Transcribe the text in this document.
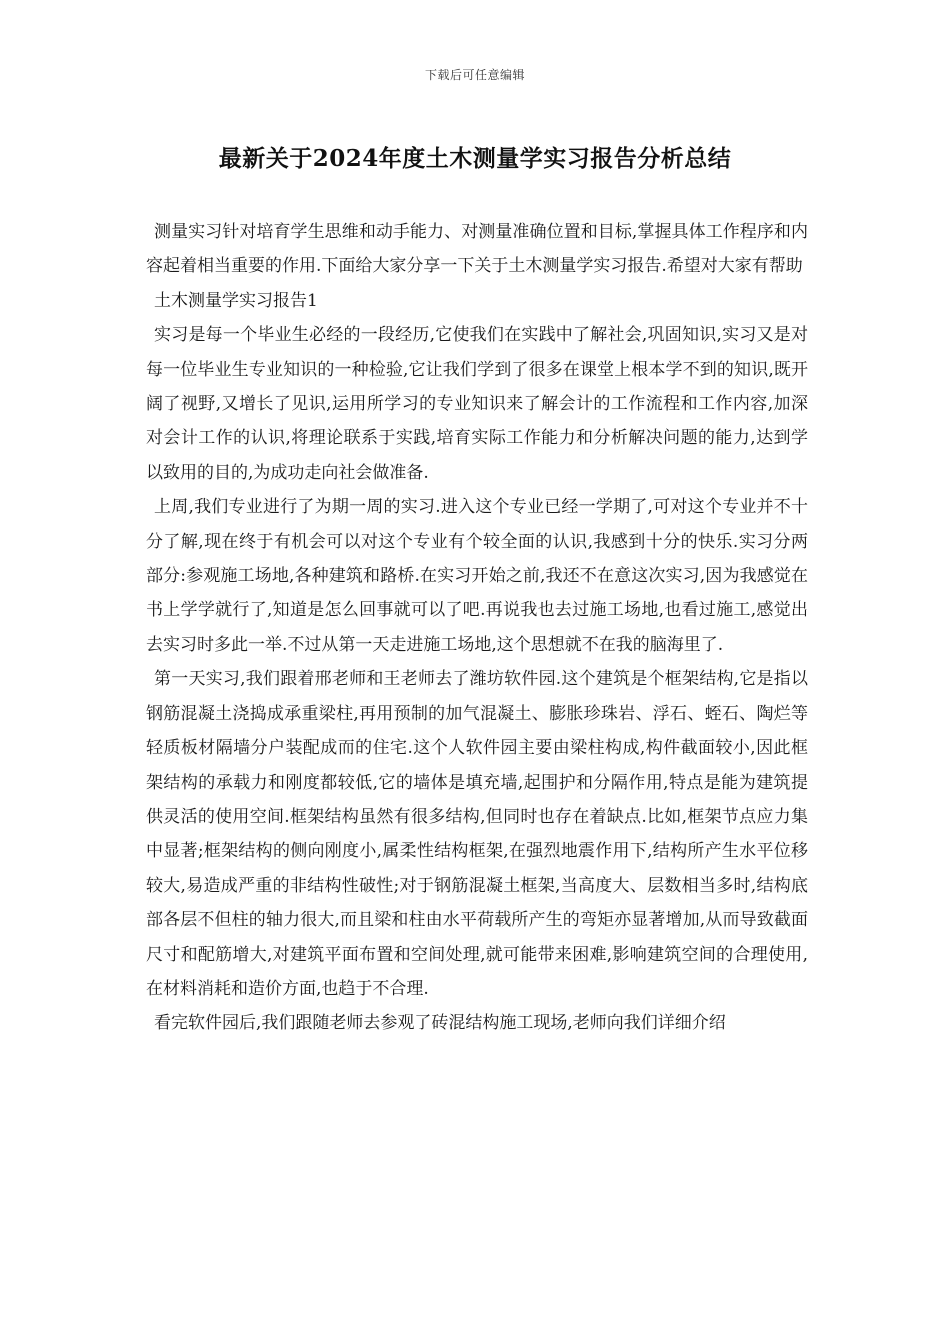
下载后可任意编辑
最新关于2024年度土木测量学实习报告分析总结

测量实习针对培育学生思维和动手能力、对测量准确位置和目标,掌握具体工作程序和内容起着相当重要的作用.下面给大家分享一下关于土木测量学实习报告.希望对大家有帮助

土木测量学实习报告1

实习是每一个毕业生必经的一段经历,它使我们在实践中了解社会,巩固知识,实习又是对每一位毕业生专业知识的一种检验,它让我们学到了很多在课堂上根本学不到的知识,既开阔了视野,又增长了见识,运用所学习的专业知识来了解会计的工作流程和工作内容,加深对会计工作的认识,将理论联系于实践,培育实际工作能力和分析解决问题的能力,达到学以致用的目的,为成功走向社会做准备.

上周,我们专业进行了为期一周的实习.进入这个专业已经一学期了,可对这个专业并不十分了解,现在终于有机会可以对这个专业有个较全面的认识,我感到十分的快乐.实习分两部分:参观施工场地,各种建筑和路桥.在实习开始之前,我还不在意这次实习,因为我感觉在书上学学就行了,知道是怎么回事就可以了吧.再说我也去过施工场地,也看过施工,感觉出去实习时多此一举.不过从第一天走进施工场地,这个思想就不在我的脑海里了.

第一天实习,我们跟着邢老师和王老师去了潍坊软件园.这个建筑是个框架结构,它是指以钢筋混凝土浇捣成承重梁柱,再用预制的加气混凝土、膨胀珍珠岩、浮石、蛭石、陶烂等轻质板材隔墙分户装配成而的住宅.这个人软件园主要由梁柱构成,构件截面较小,因此框架结构的承载力和刚度都较低,它的墙体是填充墙,起围护和分隔作用,特点是能为建筑提供灵活的使用空间.框架结构虽然有很多结构,但同时也存在着缺点.比如,框架节点应力集中显著;框架结构的侧向刚度小,属柔性结构框架,在强烈地震作用下,结构所产生水平位移较大,易造成严重的非结构性破性;对于钢筋混凝土框架,当高度大、层数相当多时,结构底部各层不但柱的轴力很大,而且梁和柱由水平荷载所产生的弯矩亦显著增加,从而导致截面尺寸和配筋增大,对建筑平面布置和空间处理,就可能带来困难,影响建筑空间的合理使用,在材料消耗和造价方面,也趋于不合理.

看完软件园后,我们跟随老师去参观了砖混结构施工现场,老师向我们详细介绍
